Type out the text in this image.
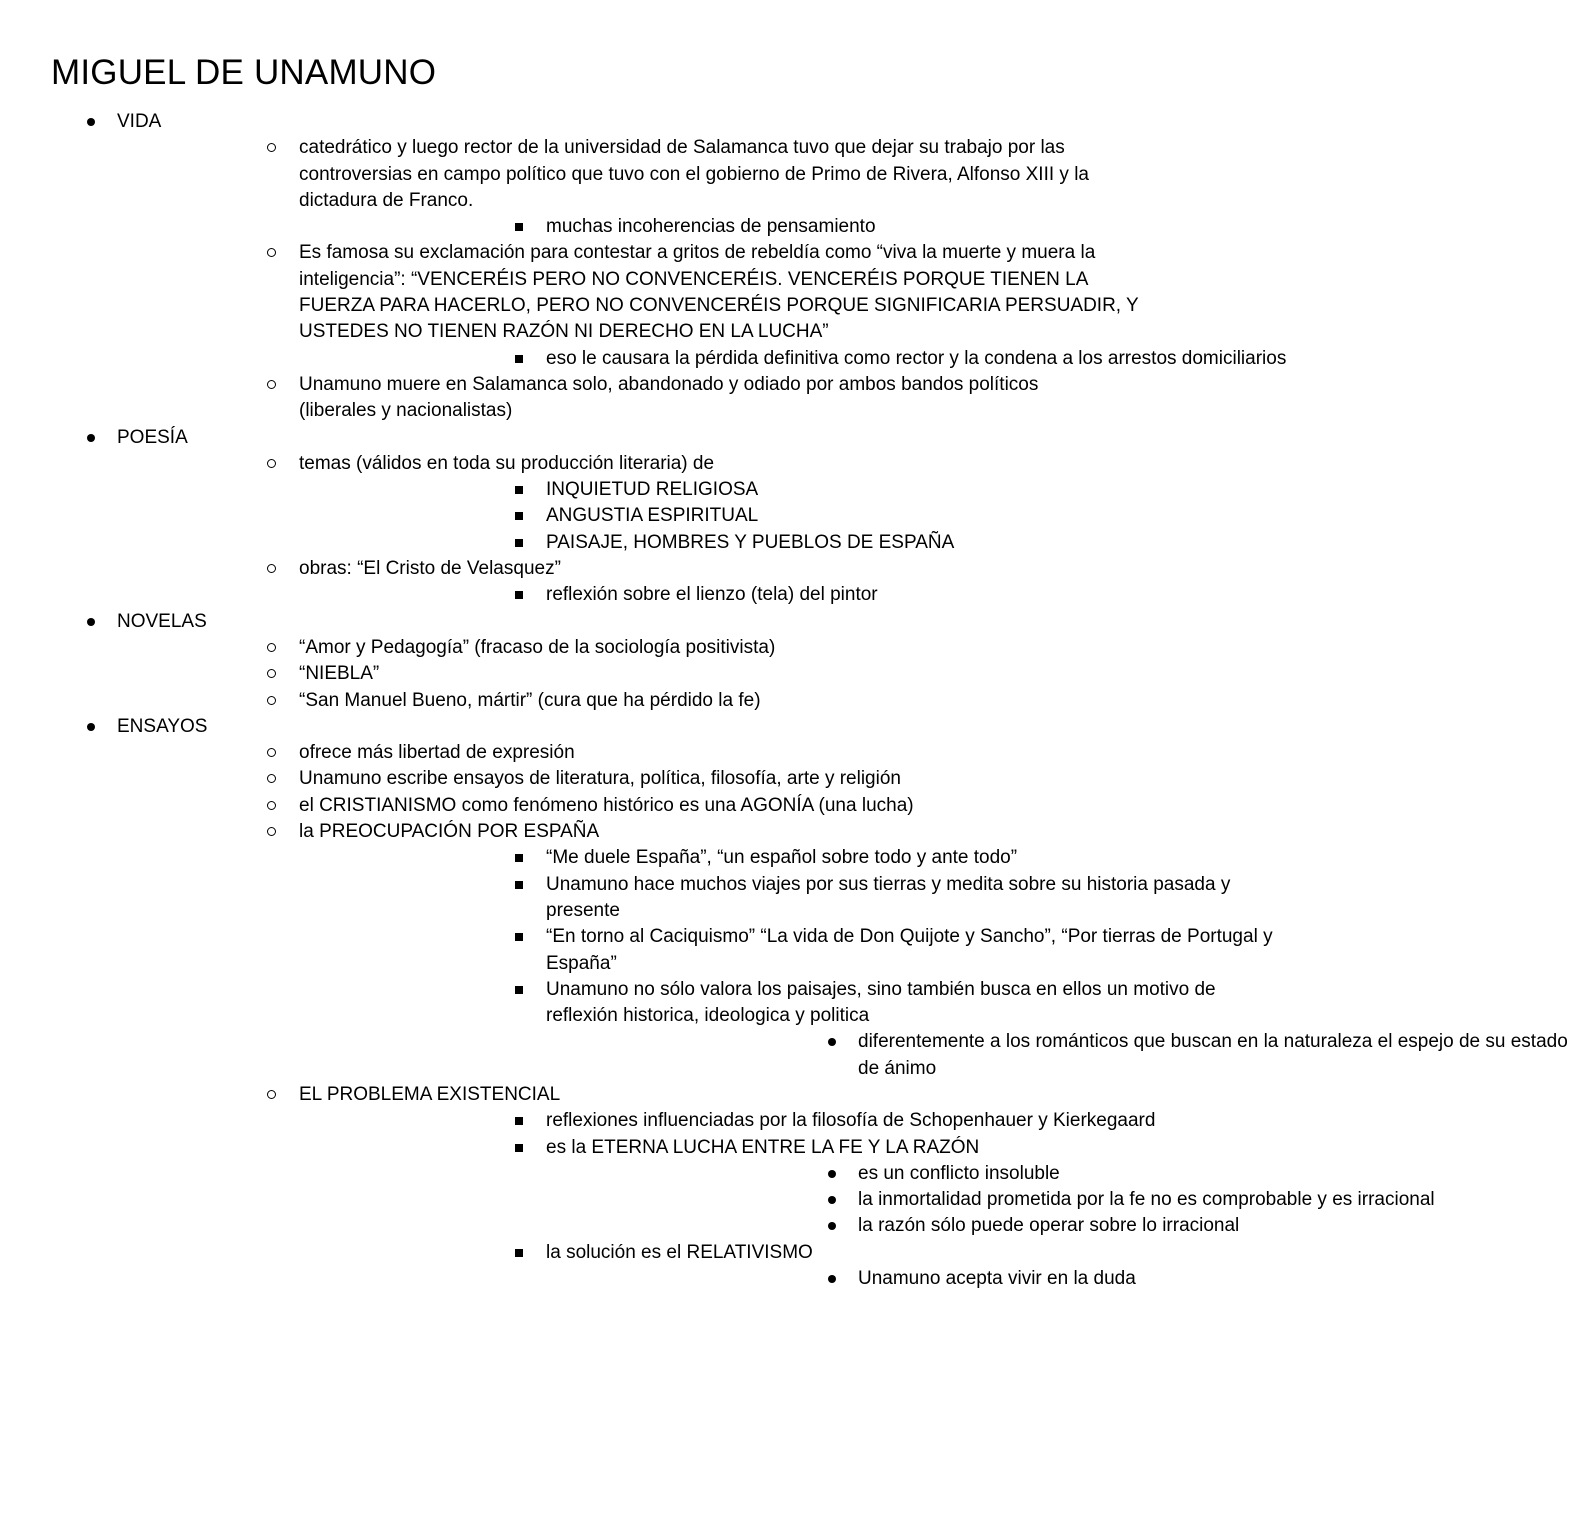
MIGUEL DE UNAMUNO
VIDA
catedrático y luego rector de la universidad de Salamanca tuvo que dejar su trabajo por las controversias en campo político que tuvo con el gobierno de Primo de Rivera, Alfonso XIII y la dictadura de Franco.
muchas incoherencias de pensamiento
Es famosa su exclamación para contestar a gritos de rebeldía como “viva la muerte y muera la inteligencia”: “VENCERÉIS PERO NO CONVENCERÉIS. VENCERÉIS PORQUE TIENEN LA FUERZA PARA HACERLO, PERO NO CONVENCERÉIS PORQUE SIGNIFICARIA PERSUADIR, Y USTEDES NO TIENEN RAZÓN NI DERECHO EN LA LUCHA”
eso le causara la pérdida definitiva como rector y la condena a los arrestos domiciliarios
Unamuno muere en Salamanca solo, abandonado y odiado por ambos bandos políticos (liberales y nacionalistas)
POESÍA
temas (válidos en toda su producción literaria) de
INQUIETUD RELIGIOSA
ANGUSTIA ESPIRITUAL
PAISAJE, HOMBRES Y PUEBLOS DE ESPAÑA
obras: “El Cristo de Velasquez”
reflexión sobre el lienzo (tela) del pintor
NOVELAS
“Amor y Pedagogía” (fracaso de la sociología positivista)
“NIEBLA”
“San Manuel Bueno, mártir” (cura que ha pérdido la fe)
ENSAYOS
ofrece más libertad de expresión
Unamuno escribe ensayos de literatura, política, filosofía, arte y religión
el CRISTIANISMO como fenómeno histórico es una AGONÍA (una lucha)
la PREOCUPACIÓN POR ESPAÑA
“Me duele España”, “un español sobre todo y ante todo”
Unamuno hace muchos viajes por sus tierras y medita sobre su historia pasada y presente
“En torno al Caciquismo” “La vida de Don Quijote y Sancho”, “Por tierras de Portugal y España”
Unamuno no sólo valora los paisajes, sino también busca en ellos un motivo de reflexión historica, ideologica y politica
diferentemente a los románticos que buscan en la naturaleza el espejo de su estado de ánimo
EL PROBLEMA EXISTENCIAL
reflexiones influenciadas por la filosofía de Schopenhauer y Kierkegaard
es la ETERNA LUCHA ENTRE LA FE Y LA RAZÓN
es un conflicto insoluble
la inmortalidad prometida por la fe no es comprobable y es irracional
la razón sólo puede operar sobre lo irracional
la solución es el RELATIVISMO
Unamuno acepta vivir en la duda
